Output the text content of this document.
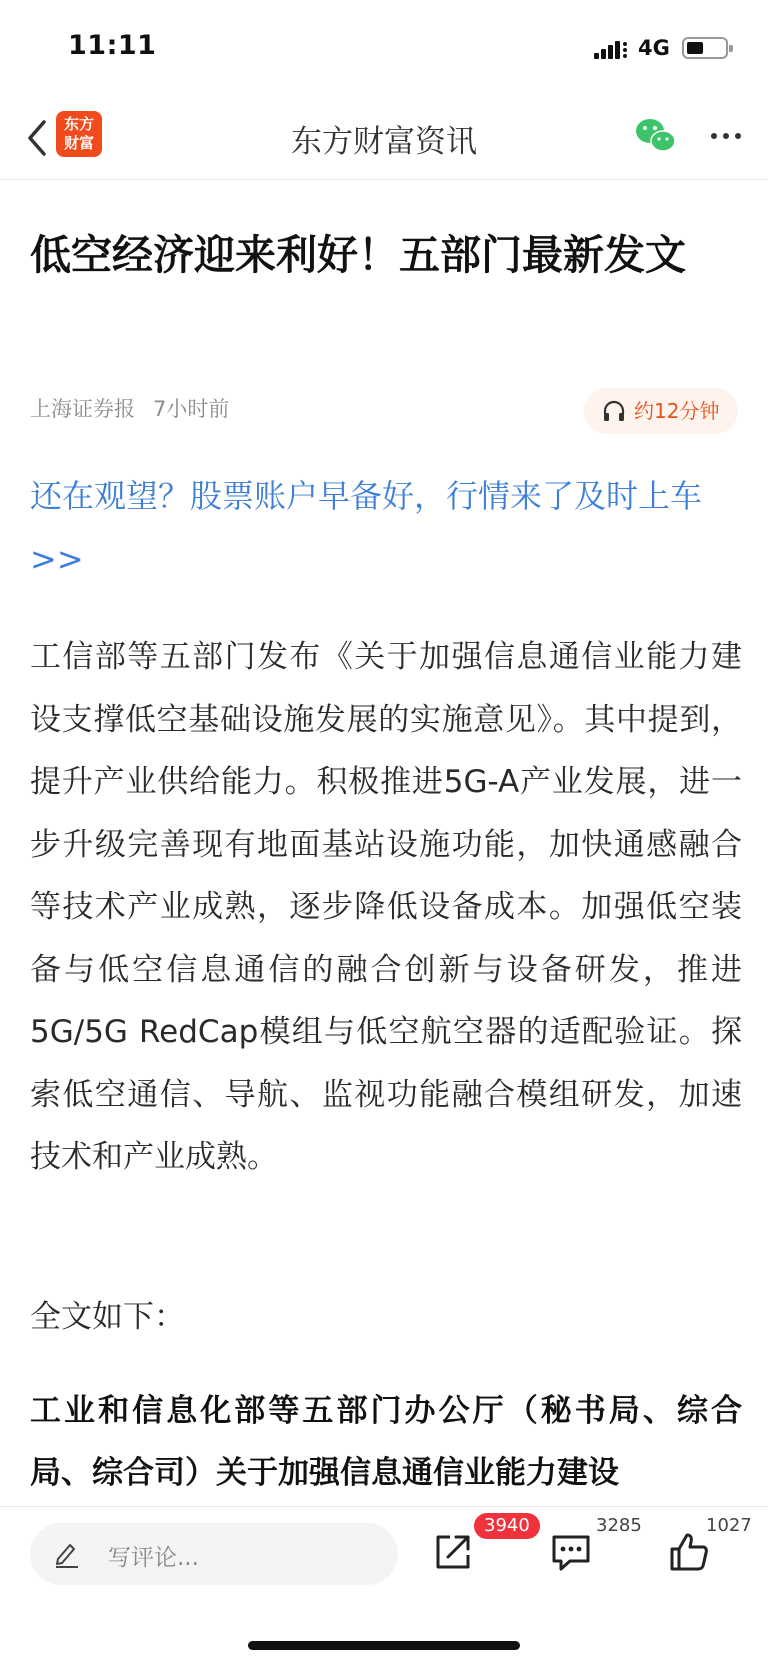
11:11	4G
东方财富资讯
东方
财富
低空经济迎来利好！五部门最新发文
上海证券报 7小时前	约12分钟
还在观望？股票账户早备好，行情来了及时上车>>
工信部等五部门发布《关于加强信息通信业能力建设支撑低空基础设施发展的实施意见》。其中提到，提升产业供给能力。积极推进5G-A产业发展，进一步升级完善现有地面基站设施功能，加快通感融合等技术产业成熟，逐步降低设备成本。加强低空装备与低空信息通信的融合创新与设备研发，推进5G/5G RedCap模组与低空航空器的适配验证。探索低空通信、导航、监视功能融合模组研发，加速技术和产业成熟。
全文如下：
工业和信息化部等五部门办公厅（秘书局、综合局、综合司）关于加强信息通信业能力建设
写评论...
3940	3285	1027
